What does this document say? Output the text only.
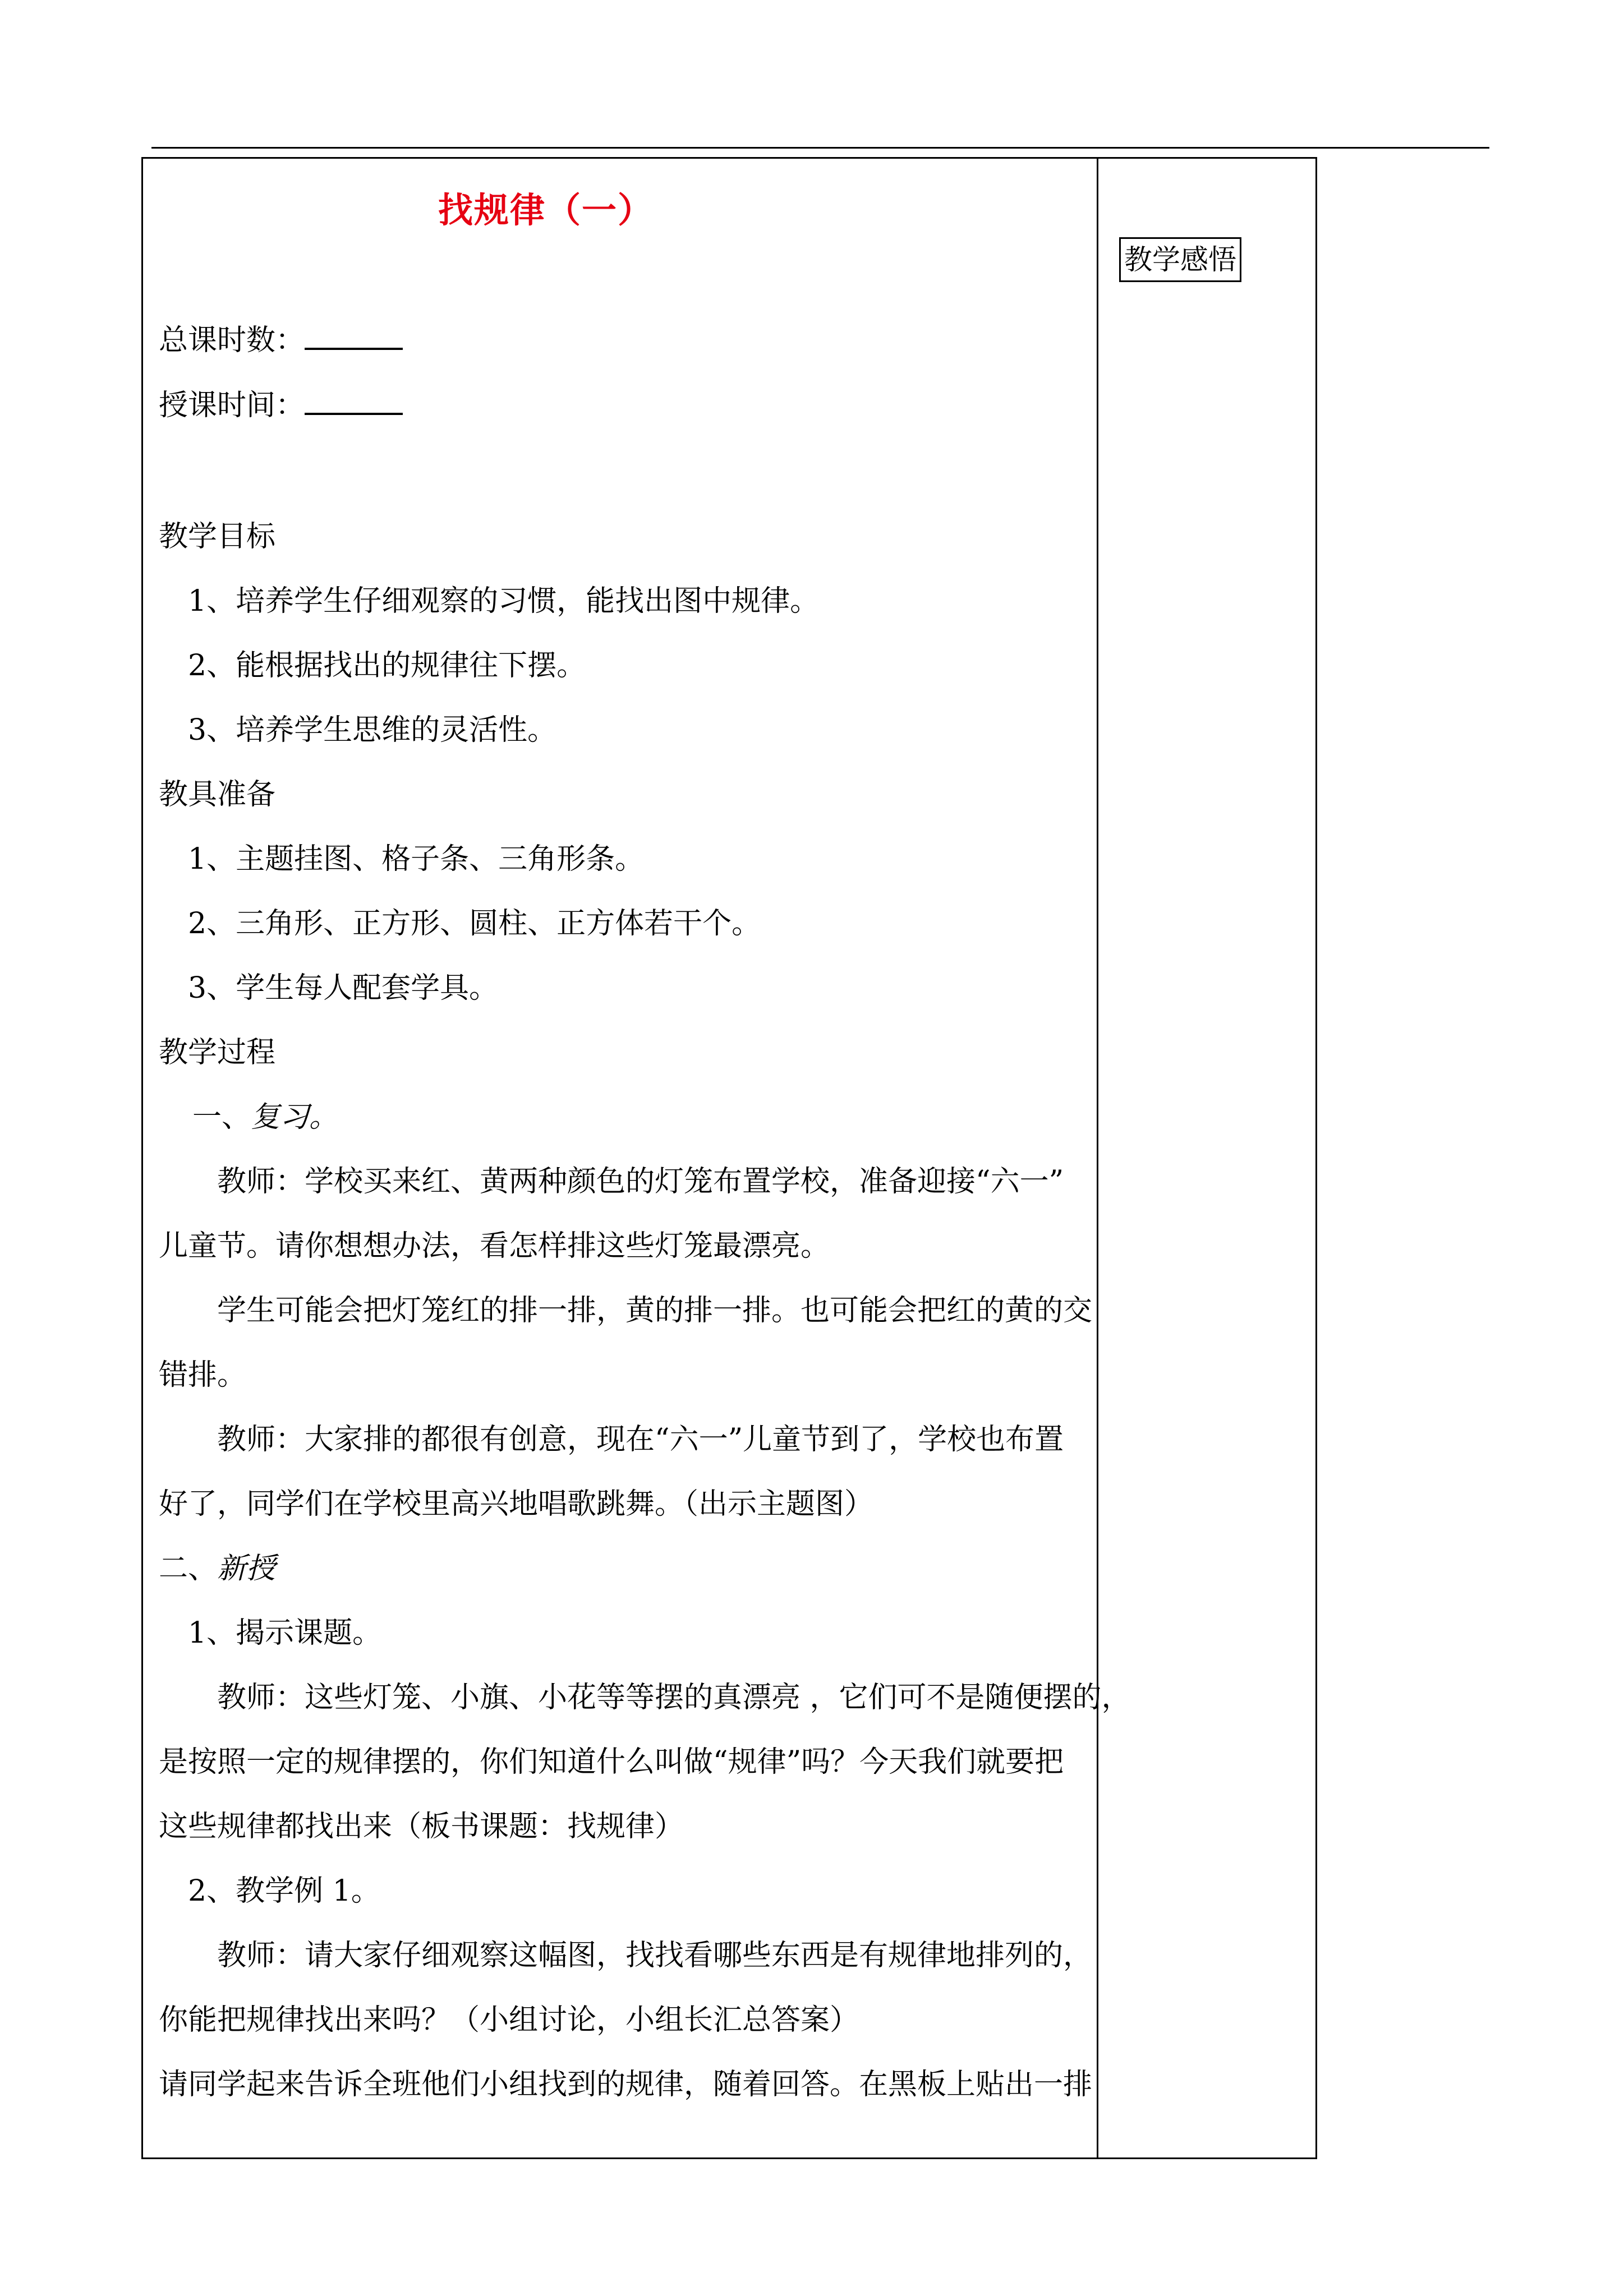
找规律（一）
总课时数：
授课时间：
教学目标
1、培养学生仔细观察的习惯，能找出图中规律。
2、能根据找出的规律往下摆。
3、培养学生思维的灵活性。
教具准备
1、主题挂图、格子条、三角形条。
2、三角形、正方形、圆柱、正方体若干个。
3、学生每人配套学具。
教学过程
一、复习。
教师：学校买来红、黄两种颜色的灯笼布置学校，准备迎接“六一”
儿童节。请你想想办法，看怎样排这些灯笼最漂亮。
学生可能会把灯笼红的排一排，黄的排一排。也可能会把红的黄的交
错排。
教师：大家排的都很有创意，现在“六一”儿童节到了，学校也布置
好了，同学们在学校里高兴地唱歌跳舞。（出示主题图）
二、新授
1、揭示课题。
教师：这些灯笼、小旗、小花等等摆的真漂亮 ，它们可不是随便摆的，
是按照一定的规律摆的，你们知道什么叫做“规律”吗？今天我们就要把
这些规律都找出来（板书课题：找规律）
2、教学例 1。
教师：请大家仔细观察这幅图，找找看哪些东西是有规律地排列的，
你能把规律找出来吗？（小组讨论，小组长汇总答案）
请同学起来告诉全班他们小组找到的规律，随着回答。在黑板上贴出一排
教学感悟
